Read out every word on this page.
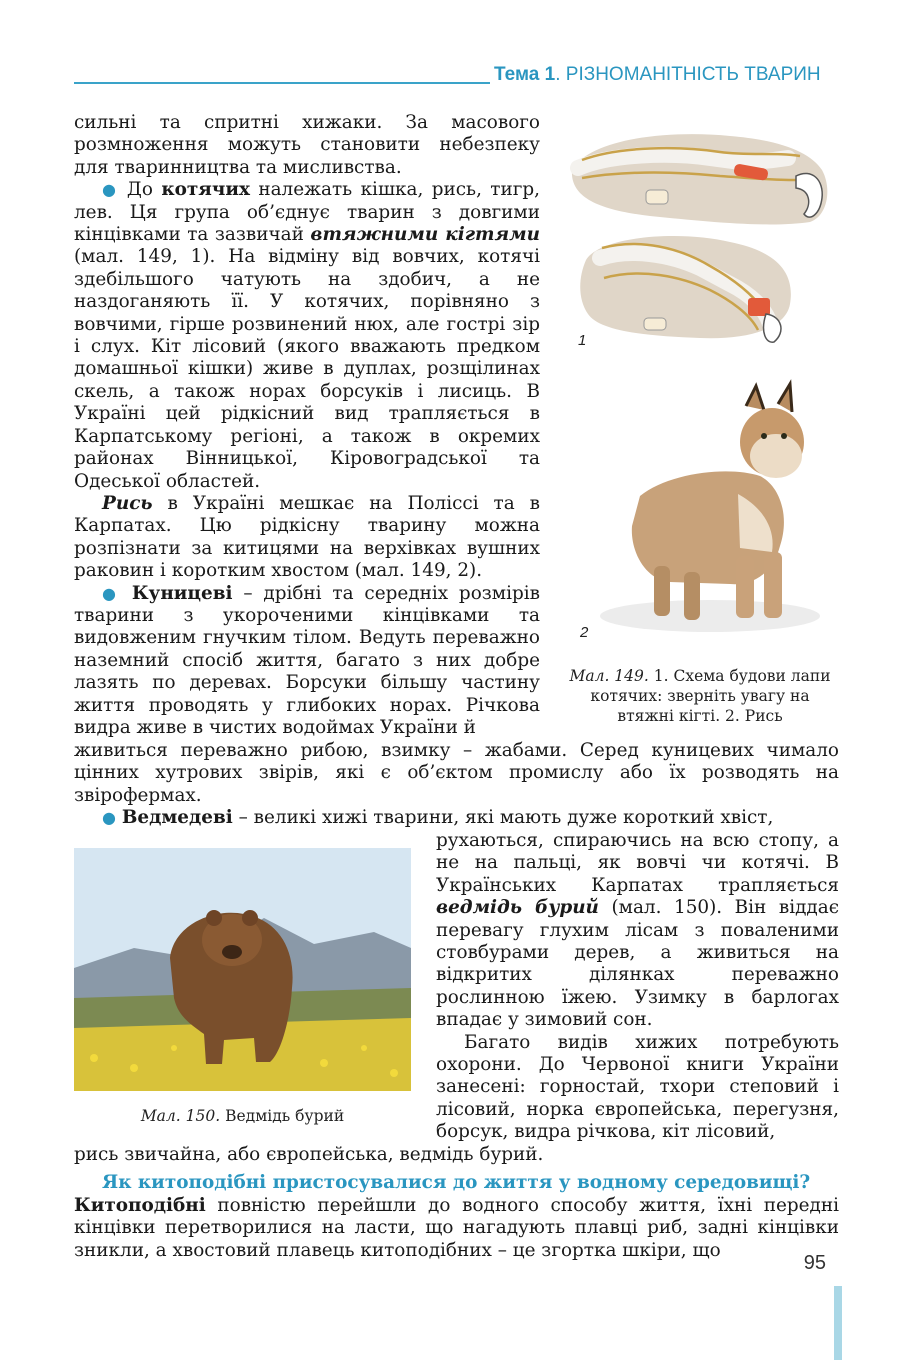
Тема 1. РІЗНОМАНІТНІСТЬ ТВАРИН

сильні та спритні хижаки. За масового розмноження можуть становити небезпеку для тваринництва та мисливства.

● До котячих належать кішка, рись, тигр, лев. Ця група об’єднує тварин з довгими кінцівками та зазвичай втяжними кігтями (мал. 149, 1). На відміну від вовчих, котячі здебільшого чатують на здобич, а не наздоганяють її. У котячих, порівняно з вовчими, гірше розвинений нюх, але гострі зір і слух. Кіт лісовий (якого вважають предком домашньої кішки) живе в дуплах, розщілинах скель, а також норах борсуків і лисиць. В Україні цей рідкісний вид трапляється в Карпатському регіоні, а також в окремих районах Вінницької, Кіровоградської та Одеської областей.

Рись в Україні мешкає на Поліссі та в Карпатах. Цю рідкісну тварину можна розпізнати за китицями на верхівках вушних раковин і коротким хвостом (мал. 149, 2).

● Куницеві – дрібні та середніх розмірів тварини з укороченими кінцівками та видовженим гнучким тілом. Ведуть переважно наземний спосіб життя, багато з них добре лазять по деревах. Борсуки більшу частину життя проводять у глибоких норах. Річкова видра живе в чистих водоймах України й

1
2
Мал. 149. 1. Схема будови лапи котячих: зверніть увагу на втяжні кігті. 2. Рись

живиться переважно рибою, взимку – жабами. Серед куницевих чимало цінних хутрових звірів, які є об’єктом промислу або їх розводять на звірофермах.

● Ведмедеві – великі хижі тварини, які мають дуже короткий хвіст,

рухаються, спираючись на всю стопу, а не на пальці, як вовчі чи котячі. В Українських Карпатах трапляється ведмідь бурий (мал. 150). Він віддає перевагу глухим лісам з поваленими стовбурами дерев, а живиться на відкритих ділянках переважно рослинною їжею. Узимку в барлогах впадає у зимовий сон.

Багато видів хижих потребують охорони. До Червоної книги України занесені: горностай, тхори степовий і лісовий, норка європейська, перегузня, борсук, видра річкова, кіт лісовий,

Мал. 150. Ведмідь бурий

рись звичайна, або європейська, ведмідь бурий.

Як китоподібні пристосувалися до життя у водному середовищі?

Китоподібні повністю перейшли до водного способу життя, їхні передні кінцівки перетворилися на ласти, що нагадують плавці риб, задні кінцівки зникли, а хвостовий плавець китоподібних – це згортка шкіри, що

95
